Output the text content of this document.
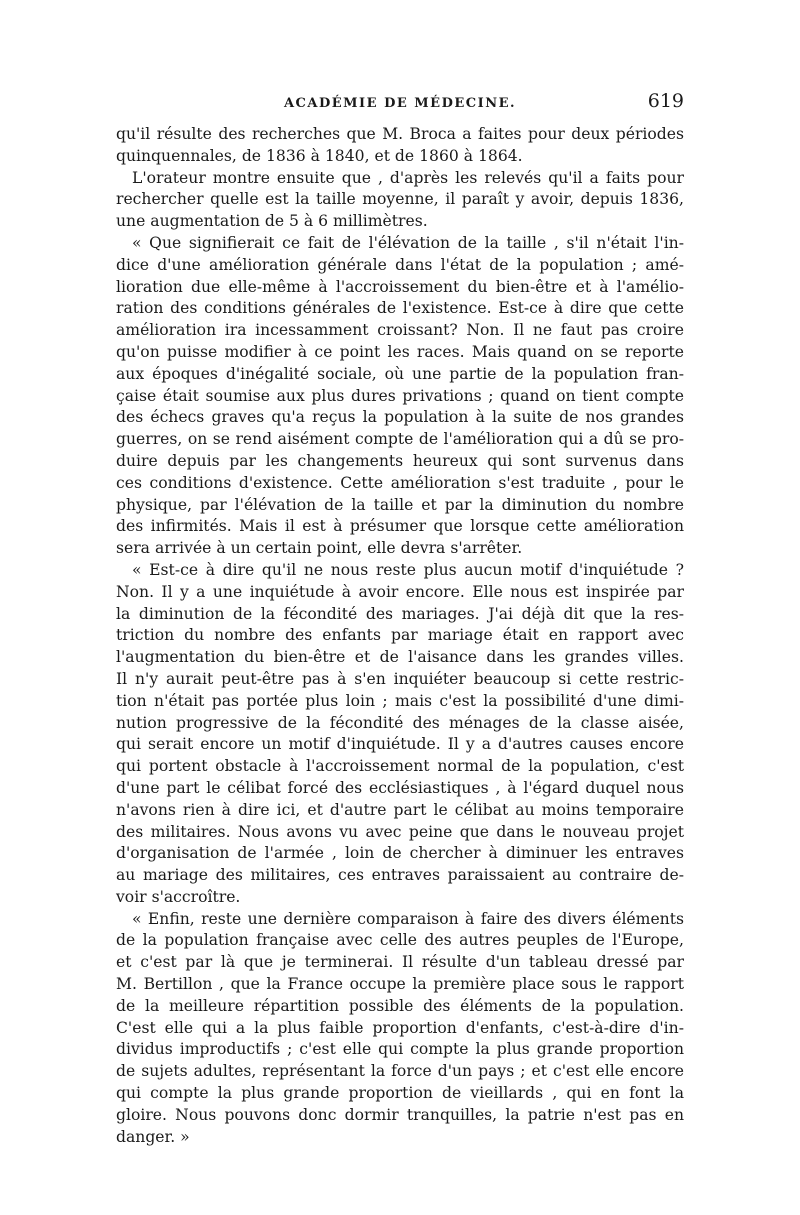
ACADÉMIE DE MÉDECINE.	619
qu'il résulte des recherches que M. Broca a faites pour deux périodes
quinquennales, de 1836 à 1840, et de 1860 à 1864.
L'orateur montre ensuite que , d'après les relevés qu'il a faits pour
rechercher quelle est la taille moyenne, il paraît y avoir, depuis 1836,
une augmentation de 5 à 6 millimètres.
« Que signifierait ce fait de l'élévation de la taille , s'il n'était l'in-
dice d'une amélioration générale dans l'état de la population ; amé-
lioration due elle-même à l'accroissement du bien-être et à l'amélio-
ration des conditions générales de l'existence. Est-ce à dire que cette
amélioration ira incessamment croissant? Non. Il ne faut pas croire
qu'on puisse modifier à ce point les races. Mais quand on se reporte
aux époques d'inégalité sociale, où une partie de la population fran-
çaise était soumise aux plus dures privations ; quand on tient compte
des échecs graves qu'a reçus la population à la suite de nos grandes
guerres, on se rend aisément compte de l'amélioration qui a dû se pro-
duire depuis par les changements heureux qui sont survenus dans
ces conditions d'existence. Cette amélioration s'est traduite , pour le
physique, par l'élévation de la taille et par la diminution du nombre
des infirmités. Mais il est à présumer que lorsque cette amélioration
sera arrivée à un certain point, elle devra s'arrêter.
« Est-ce à dire qu'il ne nous reste plus aucun motif d'inquiétude ?
Non. Il y a une inquiétude à avoir encore. Elle nous est inspirée par
la diminution de la fécondité des mariages. J'ai déjà dit que la res-
triction du nombre des enfants par mariage était en rapport avec
l'augmentation du bien-être et de l'aisance dans les grandes villes.
Il n'y aurait peut-être pas à s'en inquiéter beaucoup si cette restric-
tion n'était pas portée plus loin ; mais c'est la possibilité d'une dimi-
nution progressive de la fécondité des ménages de la classe aisée,
qui serait encore un motif d'inquiétude. Il y a d'autres causes encore
qui portent obstacle à l'accroissement normal de la population, c'est
d'une part le célibat forcé des ecclésiastiques , à l'égard duquel nous
n'avons rien à dire ici, et d'autre part le célibat au moins temporaire
des militaires. Nous avons vu avec peine que dans le nouveau projet
d'organisation de l'armée , loin de chercher à diminuer les entraves
au mariage des militaires, ces entraves paraissaient au contraire de-
voir s'accroître.
« Enfin, reste une dernière comparaison à faire des divers éléments
de la population française avec celle des autres peuples de l'Europe,
et c'est par là que je terminerai. Il résulte d'un tableau dressé par
M. Bertillon , que la France occupe la première place sous le rapport
de la meilleure répartition possible des éléments de la population.
C'est elle qui a la plus faible proportion d'enfants, c'est-à-dire d'in-
dividus improductifs ; c'est elle qui compte la plus grande proportion
de sujets adultes, représentant la force d'un pays ; et c'est elle encore
qui compte la plus grande proportion de vieillards , qui en font la
gloire. Nous pouvons donc dormir tranquilles, la patrie n'est pas en
danger. »
